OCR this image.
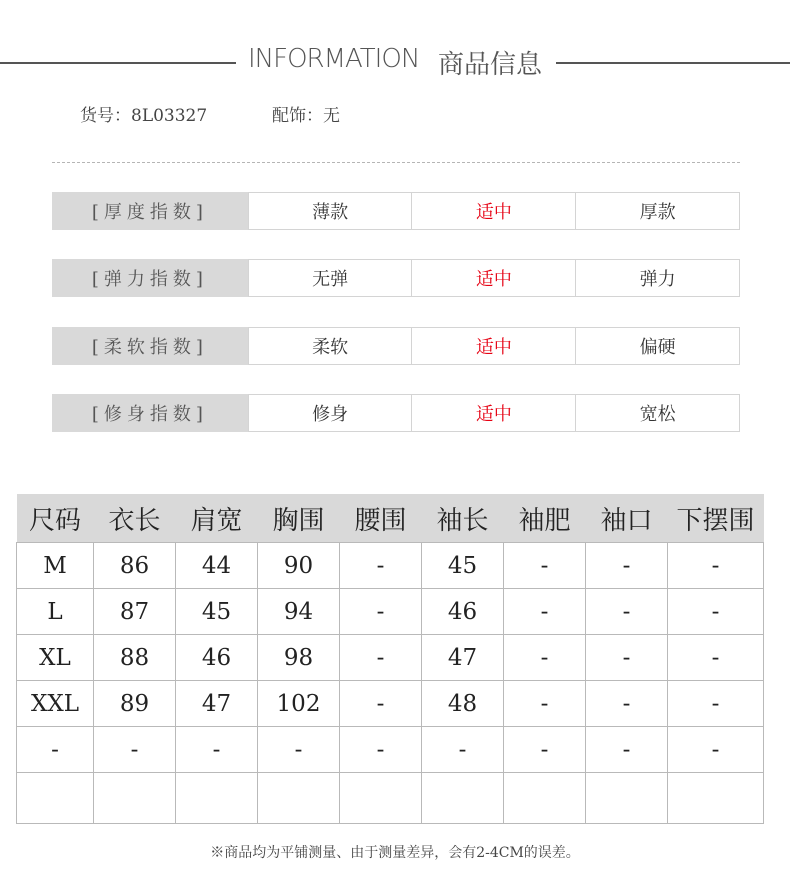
INFORMATION 商品信息
货号：8L03327	配饰：无
[厚度指数]	薄款	适中	厚款
[弹力指数]	无弹	适中	弹力
[柔软指数]	柔软	适中	偏硬
[修身指数]	修身	适中	宽松
尺码	衣长	肩宽	胸围	腰围	袖长	袖肥	袖口	下摆围
M	86	44	90	-	45	-	-	-
L	87	45	94	-	46	-	-	-
XL	88	46	98	-	47	-	-	-
XXL	89	47	102	-	48	-	-	-
-	-	-	-	-	-	-	-	-

※商品均为平铺测量、由于测量差异，会有2-4CM的误差。
